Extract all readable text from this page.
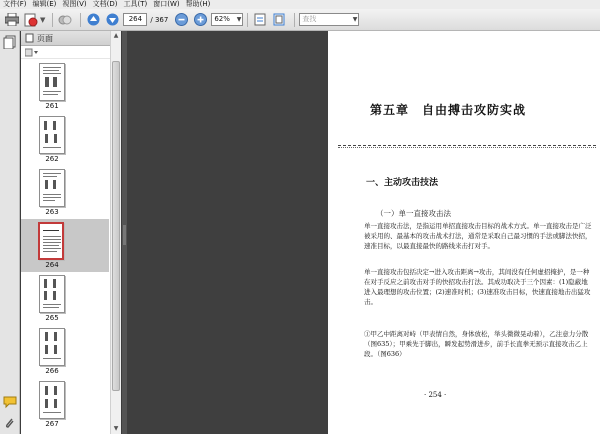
文件(F) 编辑(E) 视图(V) 文档(D) 工具(T) 窗口(W) 帮助(H)
▼	264	/ 367	62% ▼	查找	▼
页面
261
262
263
264
265
266
267
▲
▼
第五章　自由搏击攻防实战
一、主动攻击技法
（一）单一直接攻击法
单一直接攻击法，是指运用单招直接攻击目标的战术方式。单一直接攻击是广泛被采用的、最基本的攻击战术打法，通常是采取自己最习惯的手法或脚法快招，速准目标，以最直接最快的路线来击打对手。
单一直接攻击包括决定→进入攻击距离→攻击，其间没有任何虚招掩护，是一种在对手反应之前攻击对手的快招攻击打法。其成功取决于三个因素：(1)隐蔽地进入最理想的攻击位置；(2)速准时机；(3)速准攻击目标，快速直接地击出猛攻击。
①甲乙中距离对峙（甲表情自然，身体放松，举头微微晃动着），乙注意力分散（图635）；甲乘先于脚出，瞬发起势滑进步，前手长直拳无预示直接攻击乙上段。（图636）
· 254 ·
